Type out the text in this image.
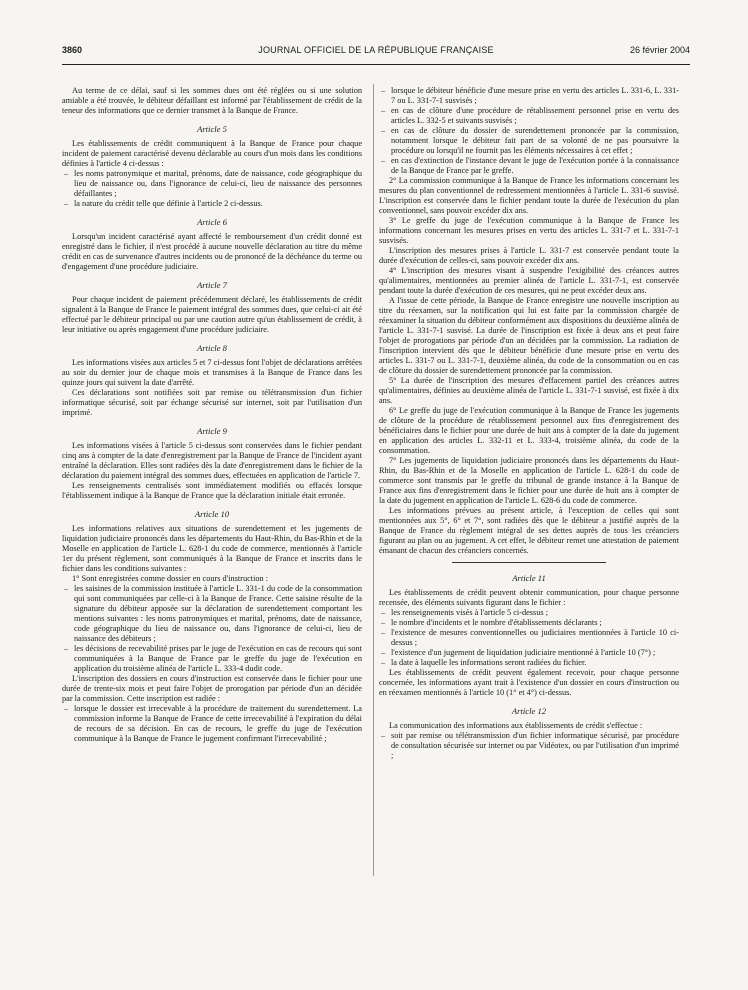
3860	JOURNAL OFFICIEL DE LA RÉPUBLIQUE FRANÇAISE	26 février 2004

Au terme de ce délai, sauf si les sommes dues ont été réglées ou si une solution amiable a été trouvée, le débiteur défaillant est informé par l'établissement de crédit de la teneur des informations que ce dernier transmet à la Banque de France.

Article 5

Les établissements de crédit communiquent à la Banque de France pour chaque incident de paiement caractérisé devenu déclarable au cours d'un mois dans les conditions définies à l'article 4 ci-dessus :

– les noms patronymique et marital, prénoms, date de naissance, code géographique du lieu de naissance ou, dans l'ignorance de celui-ci, lieu de naissance des personnes défaillantes ;
– la nature du crédit telle que définie à l'article 2 ci-dessus.
Article 6

Lorsqu'un incident caractérisé ayant affecté le remboursement d'un crédit donné est enregistré dans le fichier, il n'est procédé à aucune nouvelle déclaration au titre du même crédit en cas de survenance d'autres incidents ou de prononcé de la déchéance du terme ou d'engagement d'une procédure judiciaire.

Article 7

Pour chaque incident de paiement précédemment déclaré, les établissements de crédit signalent à la Banque de France le paiement intégral des sommes dues, que celui-ci ait été effectué par le débiteur principal ou par une caution autre qu'un établissement de crédit, à leur initiative ou après engagement d'une procédure judiciaire.

Article 8

Les informations visées aux articles 5 et 7 ci-dessus font l'objet de déclarations arrêtées au soir du dernier jour de chaque mois et transmises à la Banque de France dans les quinze jours qui suivent la date d'arrêté.

Ces déclarations sont notifiées soit par remise ou télétransmission d'un fichier informatique sécurisé, soit par échange sécurisé sur internet, soit par l'utilisation d'un imprimé.

Article 9

Les informations visées à l'article 5 ci-dessus sont conservées dans le fichier pendant cinq ans à compter de la date d'enregistrement par la Banque de France de l'incident ayant entraîné la déclaration. Elles sont radiées dès la date d'enregistrement dans le fichier de la déclaration du paiement intégral des sommes dues, effectuées en application de l'article 7.

Les renseignements centralisés sont immédiatement modifiés ou effacés lorsque l'établissement indique à la Banque de France que la déclaration initiale était erronée.

Article 10

Les informations relatives aux situations de surendettement et les jugements de liquidation judiciaire prononcés dans les départements du Haut-Rhin, du Bas-Rhin et de la Moselle en application de l'article L. 628-1 du code de commerce, mentionnés à l'article 1er du présent règlement, sont communiqués à la Banque de France et inscrits dans le fichier dans les conditions suivantes :

1° Sont enregistrées comme dossier en cours d'instruction :

– les saisines de la commission instituée à l'article L. 331-1 du code de la consommation qui sont communiquées par celle-ci à la Banque de France. Cette saisine résulte de la signature du débiteur apposée sur la déclaration de surendettement comportant les mentions suivantes : les noms patronymiques et marital, prénoms, date de naissance, code géographique du lieu de naissance ou, dans l'ignorance de celui-ci, lieu de naissance des débiteurs ;
– les décisions de recevabilité prises par le juge de l'exécution en cas de recours qui sont communiquées à la Banque de France par le greffe du juge de l'exécution en application du troisième alinéa de l'article L. 333-4 dudit code.

L'inscription des dossiers en cours d'instruction est conservée dans le fichier pour une durée de trente-six mois et peut faire l'objet de prorogation par période d'un an décidée par la commission. Cette inscription est radiée :

– lorsque le dossier est irrecevable à la procédure de traitement du surendettement. La commission informe la Banque de France de cette irrecevabilité à l'expiration du délai de recours de sa décision. En cas de recours, le greffe du juge de l'exécution communique à la Banque de France le jugement confirmant l'irrecevabilité ;
– lorsque le débiteur bénéficie d'une mesure prise en vertu des articles L. 331-6, L. 331-7 ou L. 331-7-1 susvisés ;
– en cas de clôture d'une procédure de rétablissement personnel prise en vertu des articles L. 332-5 et suivants susvisés ;
– en cas de clôture du dossier de surendettement prononcée par la commission, notamment lorsque le débiteur fait part de sa volonté de ne pas poursuivre la procédure ou lorsqu'il ne fournit pas les éléments nécessaires à cet effet ;
– en cas d'extinction de l'instance devant le juge de l'exécution portée à la connaissance de la Banque de France par le greffe.

2° La commission communique à la Banque de France les informations concernant les mesures du plan conventionnel de redressement mentionnées à l'article L. 331-6 susvisé. L'inscription est conservée dans le fichier pendant toute la durée de l'exécution du plan conventionnel, sans pouvoir excéder dix ans.

3° Le greffe du juge de l'exécution communique à la Banque de France les informations concernant les mesures prises en vertu des articles L. 331-7 et L. 331-7-1 susvisés.

L'inscription des mesures prises à l'article L. 331-7 est conservée pendant toute la durée d'exécution de celles-ci, sans pouvoir excéder dix ans.

4° L'inscription des mesures visant à suspendre l'exigibilité des créances autres qu'alimentaires, mentionnées au premier alinéa de l'article L. 331-7-1, est conservée pendant toute la durée d'exécution de ces mesures, qui ne peut excéder deux ans.

A l'issue de cette période, la Banque de France enregistre une nouvelle inscription au titre du réexamen, sur la notification qui lui est faite par la commission chargée de réexaminer la situation du débiteur conformément aux dispositions du deuxième alinéa de l'article L. 331-7-1 susvisé. La durée de l'inscription est fixée à deux ans et peut faire l'objet de prorogations par période d'un an décidées par la commission. La radiation de l'inscription intervient dès que le débiteur bénéficie d'une mesure prise en vertu des articles L. 331-7 ou L. 331-7-1, deuxième alinéa, du code de la consommation ou en cas de clôture du dossier de surendettement prononcée par la commission.

5° La durée de l'inscription des mesures d'effacement partiel des créances autres qu'alimentaires, définies au deuxième alinéa de l'article L. 331-7-1 susvisé, est fixée à dix ans.

6° Le greffe du juge de l'exécution communique à la Banque de France les jugements de clôture de la procédure de rétablissement personnel aux fins d'enregistrement des bénéficiaires dans le fichier pour une durée de huit ans à compter de la date du jugement en application des articles L. 332-11 et L. 333-4, troisième alinéa, du code de la consommation.

7° Les jugements de liquidation judiciaire prononcés dans les départements du Haut-Rhin, du Bas-Rhin et de la Moselle en application de l'article L. 628-1 du code de commerce sont transmis par le greffe du tribunal de grande instance à la Banque de France aux fins d'enregistrement dans le fichier pour une durée de huit ans à compter de la date du jugement en application de l'article L. 628-6 du code de commerce.

Les informations prévues au présent article, à l'exception de celles qui sont mentionnées aux 5°, 6° et 7°, sont radiées dès que le débiteur a justifié auprès de la Banque de France du règlement intégral de ses dettes auprès de tous les créanciers figurant au plan ou au jugement. A cet effet, le débiteur remet une attestation de paiement émanant de chacun des créanciers concernés.

Article 11

Les établissements de crédit peuvent obtenir communication, pour chaque personne recensée, des éléments suivants figurant dans le fichier :

– les renseignements visés à l'article 5 ci-dessus ;
– le nombre d'incidents et le nombre d'établissements déclarants ;
– l'existence de mesures conventionnelles ou judiciaires mentionnées à l'article 10 ci-dessus ;
– l'existence d'un jugement de liquidation judiciaire mentionné à l'article 10 (7°) ;
– la date à laquelle les informations seront radiées du fichier.

Les établissements de crédit peuvent également recevoir, pour chaque personne concernée, les informations ayant trait à l'existence d'un dossier en cours d'instruction ou en réexamen mentionnés à l'article 10 (1° et 4°) ci-dessus.

Article 12

La communication des informations aux établissements de crédit s'effectue :

– soit par remise ou télétransmission d'un fichier informatique sécurisé, par procédure de consultation sécurisée sur internet ou par Vidéotex, ou par l'utilisation d'un imprimé ;
